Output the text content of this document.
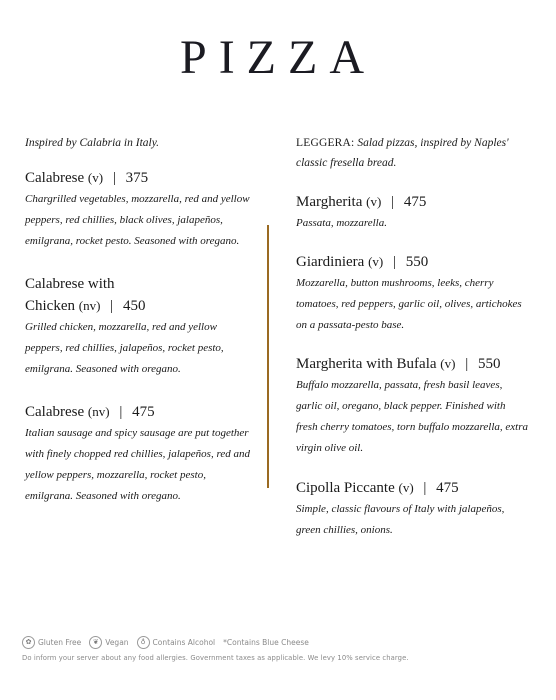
PIZZA

Inspired by Calabria in Italy.

Calabrese (v) | 375

Chargrilled vegetables, mozzarella, red and yellow peppers, red chillies, black olives, jalapeños, emilgrana, rocket pesto. Seasoned with oregano.

Calabrese with

Chicken (nv) | 450

Grilled chicken, mozzarella, red and yellow peppers, red chillies, jalapeños, rocket pesto, emilgrana. Seasoned with oregano.

Calabrese (nv) | 475

Italian sausage and spicy sausage are put together with finely chopped red chillies, jalapeños, red and yellow peppers, mozzarella, rocket pesto, emilgrana. Seasoned with oregano.

LEGGERA: Salad pizzas, inspired by Naples' classic fresella bread.

Margherita (v) | 475

Passata, mozzarella.

Giardiniera (v) | 550

Mozzarella, button mushrooms, leeks, cherry tomatoes, red peppers, garlic oil, olives, artichokes on a passata-pesto base.

Margherita with Bufala (v) | 550

Buffalo mozzarella, passata, fresh basil leaves, garlic oil, oregano, black pepper. Finished with fresh cherry tomatoes, torn buffalo mozzarella, extra virgin olive oil.

Cipolla Piccante (v) | 475

Simple, classic flavours of Italy with jalapeños, green chillies, onions.

✿ Gluten Free	❦ Vegan	♁ Contains Alcohol *Contains Blue Cheese
Do inform your server about any food allergies. Government taxes as applicable. We levy 10% service charge.
